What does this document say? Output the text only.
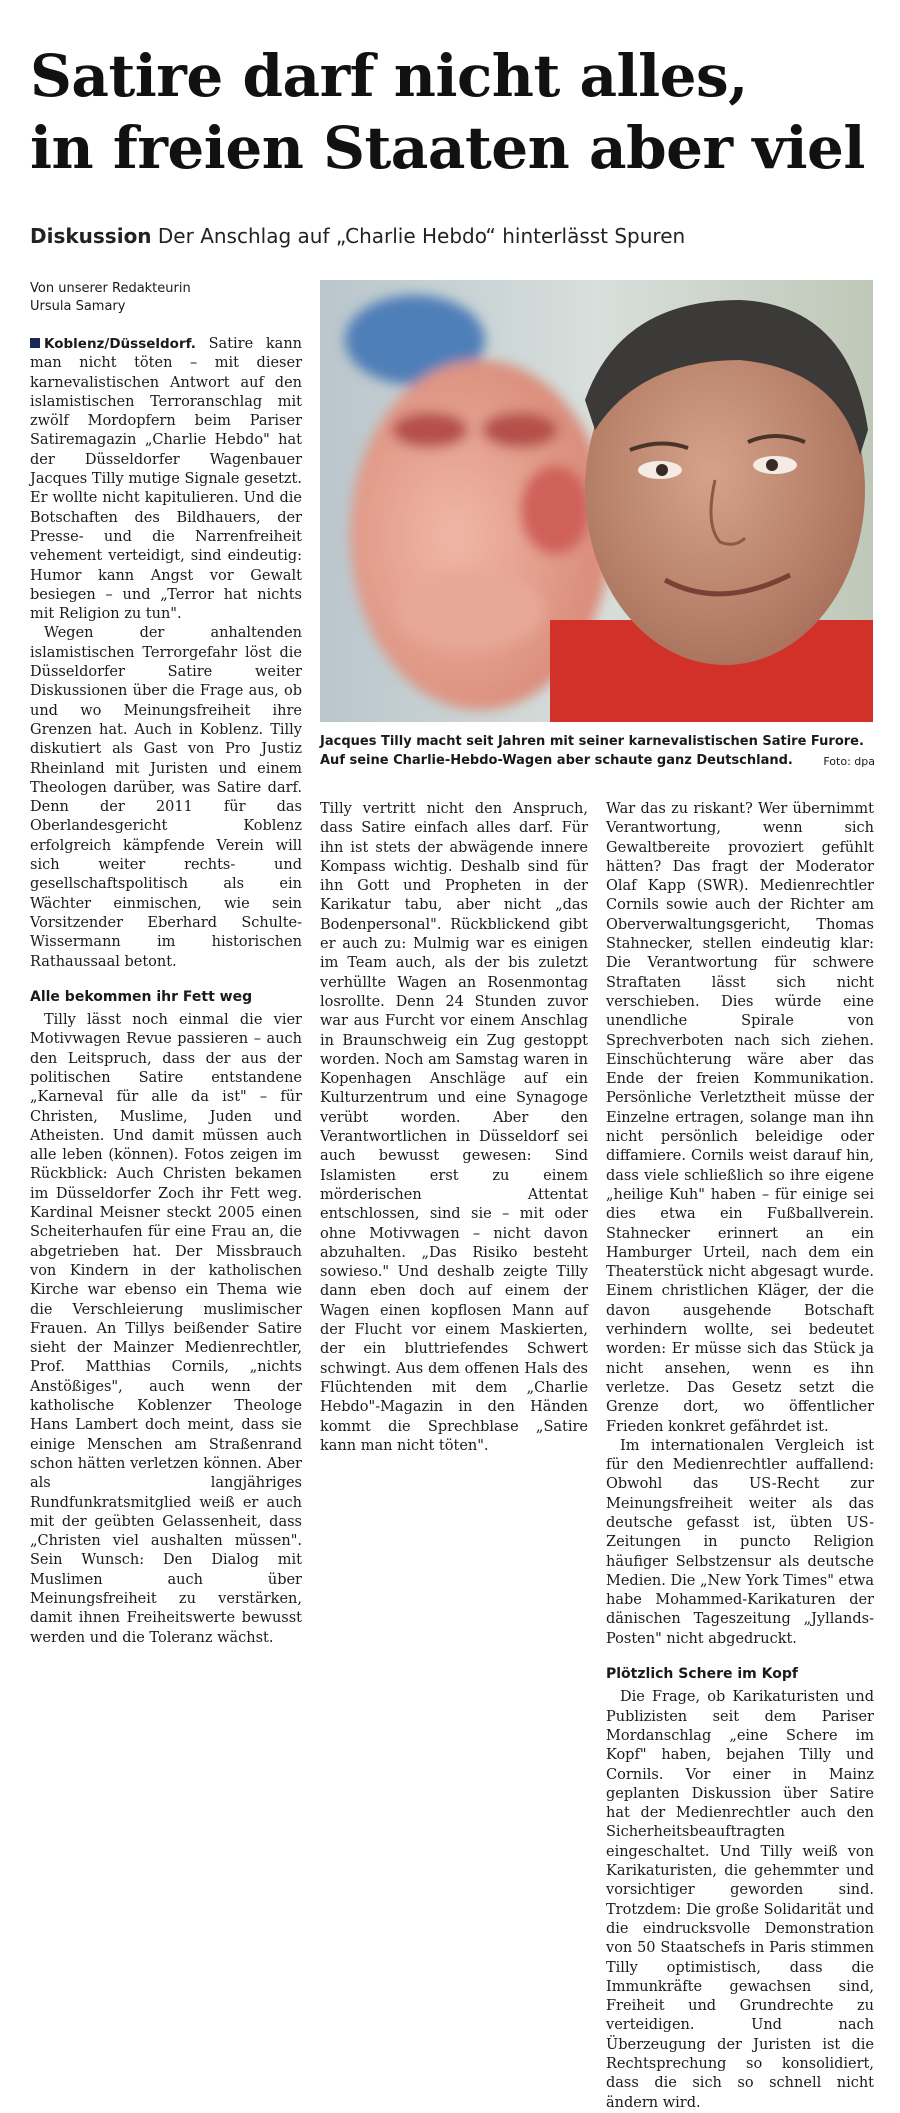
Satire darf nicht alles,
in freien Staaten aber viel
Diskussion Der Anschlag auf „Charlie Hebdo“ hinterlässt Spuren
Von unserer Redakteurin
Ursula Samary
Jacques Tilly macht seit Jahren mit seiner karnevalistischen Satire Furore.
Auf seine Charlie-Hebdo-Wagen aber schaute ganz Deutschland.	Foto: dpa

Koblenz/Düsseldorf. Satire kann man nicht töten – mit dieser karnevalistischen Antwort auf den islamistischen Terroranschlag mit zwölf Mordopfern beim Pariser Satiremagazin „Charlie Hebdo" hat der Düsseldorfer Wagenbauer Jacques Tilly mutige Signale gesetzt. Er wollte nicht kapitulieren. Und die Botschaften des Bildhauers, der Presse- und die Narrenfreiheit vehement verteidigt, sind eindeutig: Humor kann Angst vor Gewalt besiegen – und „Terror hat nichts mit Religion zu tun".

Wegen der anhaltenden islamistischen Terrorgefahr löst die Düsseldorfer Satire weiter Diskussionen über die Frage aus, ob und wo Meinungsfreiheit ihre Grenzen hat. Auch in Koblenz. Tilly diskutiert als Gast von Pro Justiz Rheinland mit Juristen und einem Theologen darüber, was Satire darf. Denn der 2011 für das Oberlandesgericht Koblenz erfolgreich kämpfende Verein will sich weiter rechts- und gesellschaftspolitisch als ein Wächter einmischen, wie sein Vorsitzender Eberhard Schulte-Wissermann im historischen Rathaussaal betont.

Alle bekommen ihr Fett weg

Tilly lässt noch einmal die vier Motivwagen Revue passieren – auch den Leitspruch, dass der aus der politischen Satire entstandene „Karneval für alle da ist" – für Christen, Muslime, Juden und Atheisten. Und damit müssen auch alle leben (können). Fotos zeigen im Rückblick: Auch Christen bekamen im Düsseldorfer Zoch ihr Fett weg. Kardinal Meisner steckt 2005 einen Scheiterhaufen für eine Frau an, die abgetrieben hat. Der Missbrauch von Kindern in der katholischen Kirche war ebenso ein Thema wie die Verschleierung muslimischer Frauen. An Tillys beißender Satire sieht der Mainzer Medienrechtler, Prof. Matthias Cornils, „nichts Anstößiges", auch wenn der katholische Koblenzer Theologe Hans Lambert doch meint, dass sie einige Menschen am Straßenrand schon hätten verletzen können. Aber als langjähriges Rundfunkratsmitglied weiß er auch mit der geübten Gelassenheit, dass „Christen viel aushalten müssen". Sein Wunsch: Den Dialog mit Muslimen auch über Meinungsfreiheit zu verstärken, damit ihnen Freiheitswerte bewusst werden und die Toleranz wächst.

Tilly vertritt nicht den Anspruch, dass Satire einfach alles darf. Für ihn ist stets der abwägende innere Kompass wichtig. Deshalb sind für ihn Gott und Propheten in der Karikatur tabu, aber nicht „das Bodenpersonal". Rückblickend gibt er auch zu: Mulmig war es einigen im Team auch, als der bis zuletzt verhüllte Wagen an Rosenmontag losrollte. Denn 24 Stunden zuvor war aus Furcht vor einem Anschlag in Braunschweig ein Zug gestoppt worden. Noch am Samstag waren in Kopenhagen Anschläge auf ein Kulturzentrum und eine Synagoge verübt worden. Aber den Verantwortlichen in Düsseldorf sei auch bewusst gewesen: Sind Islamisten erst zu einem mörderischen Attentat entschlossen, sind sie – mit oder ohne Motivwagen – nicht davon abzuhalten. „Das Risiko besteht sowieso." Und deshalb zeigte Tilly dann eben doch auf einem der Wagen einen kopflosen Mann auf der Flucht vor einem Maskierten, der ein bluttriefendes Schwert schwingt. Aus dem offenen Hals des Flüchtenden mit dem „Charlie Hebdo"-Magazin in den Händen kommt die Sprechblase „Satire kann man nicht töten".

War das zu riskant? Wer übernimmt Verantwortung, wenn sich Gewaltbereite provoziert gefühlt hätten? Das fragt der Moderator Olaf Kapp (SWR). Medienrechtler Cornils sowie auch der Richter am Oberverwaltungsgericht, Thomas Stahnecker, stellen eindeutig klar: Die Verantwortung für schwere Straftaten lässt sich nicht verschieben. Dies würde eine unendliche Spirale von Sprechverboten nach sich ziehen. Einschüchterung wäre aber das Ende der freien Kommunikation. Persönliche Verletztheit müsse der Einzelne ertragen, solange man ihn nicht persönlich beleidige oder diffamiere. Cornils weist darauf hin, dass viele schließlich so ihre eigene „heilige Kuh" haben – für einige sei dies etwa ein Fußballverein. Stahnecker erinnert an ein Hamburger Urteil, nach dem ein Theaterstück nicht abgesagt wurde. Einem christlichen Kläger, der die davon ausgehende Botschaft verhindern wollte, sei bedeutet worden: Er müsse sich das Stück ja nicht ansehen, wenn es ihn verletze. Das Gesetz setzt die Grenze dort, wo öffentlicher Frieden konkret gefährdet ist.

Im internationalen Vergleich ist für den Medienrechtler auffallend: Obwohl das US-Recht zur Meinungsfreiheit weiter als das deutsche gefasst ist, übten US-Zeitungen in puncto Religion häufiger Selbstzensur als deutsche Medien. Die „New York Times" etwa habe Mohammed-Karikaturen der dänischen Tageszeitung „Jyllands-Posten" nicht abgedruckt.

Plötzlich Schere im Kopf

Die Frage, ob Karikaturisten und Publizisten seit dem Pariser Mordanschlag „eine Schere im Kopf" haben, bejahen Tilly und Cornils. Vor einer in Mainz geplanten Diskussion über Satire hat der Medienrechtler auch den Sicherheitsbeauftragten eingeschaltet. Und Tilly weiß von Karikaturisten, die gehemmter und vorsichtiger geworden sind. Trotzdem: Die große Solidarität und die eindrucksvolle Demonstration von 50 Staatschefs in Paris stimmen Tilly optimistisch, dass die Immunkräfte gewachsen sind, Freiheit und Grundrechte zu verteidigen. Und nach Überzeugung der Juristen ist die Rechtsprechung so konsolidiert, dass die sich so schnell nicht ändern wird.
